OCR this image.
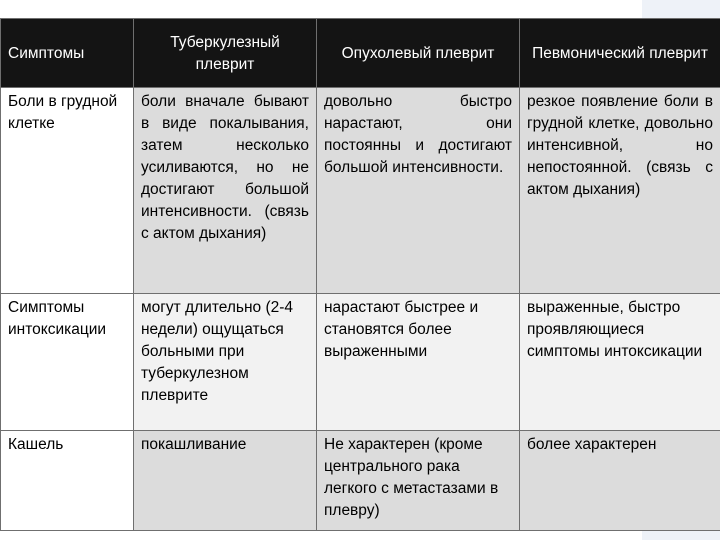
Симптомы	Туберкулезный плеврит	Опухолевый плеврит	Певмонический плеврит

Боли в грудной клетке	боли вначале бывают в виде покалывания, затем несколько усиливаются, но не достигают большой интенсивности. (связь с актом дыхания)	довольно быстро нарастают, они постоянны и достигают большой интенсивности.	резкое появление боли в грудной клетке, довольно интенсивной, но непостоянной. (связь с актом дыхания)

Симптомы интоксикации	могут длительно (2-4 недели) ощущаться больными при туберкулезном плеврите	нарастают быстрее и становятся более выраженными	выраженные, быстро проявляющиеся симптомы интоксикации

Кашель	покашливание	Не характерен (кроме центрального рака легкого с метастазами в плевру)	более характерен
